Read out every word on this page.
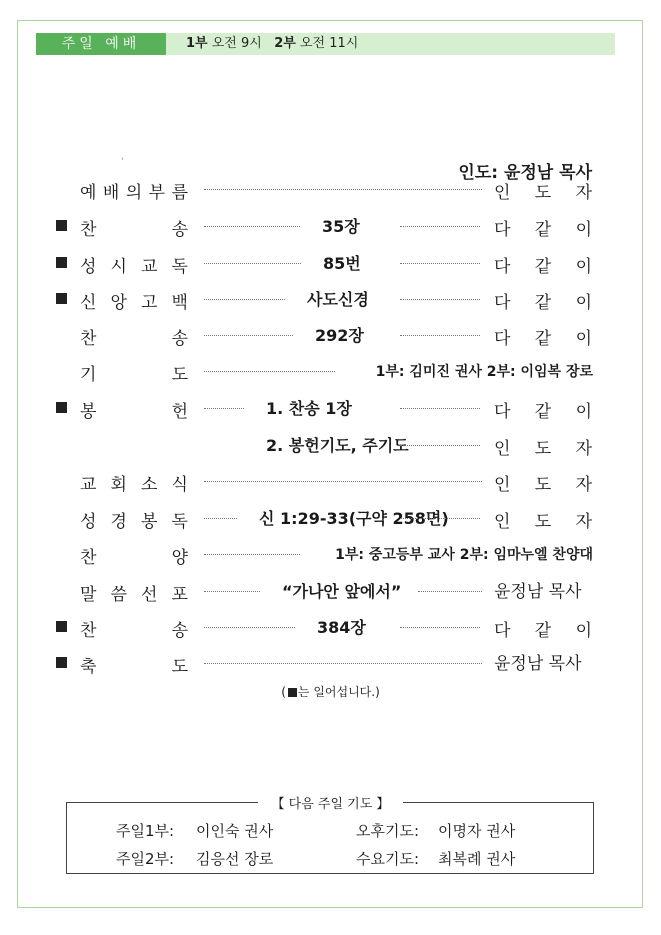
주일 예배	1부 오전 9시 2부 오전 11시
‘
인도: 윤정남 목사
예 배 의 부 름	인 도 자
찬	송	35장	다 같 이
성 시 교 독	85번	다 같 이
신 앙 고 백	사도신경	다 같 이
찬	송	292장	다 같 이
기	도	1부: 김미진 권사 2부: 이임복 장로
봉	헌	1. 찬송 1장	다 같 이
2. 봉헌기도, 주기도	인 도 자
교 회 소 식	인 도 자
성 경 봉 독	신 1:29-33(구약 258면)	인 도 자
찬	양	1부: 중고등부 교사 2부: 임마누엘 찬양대
말 씀 선 포	“가나안 앞에서”	윤정남 목사
찬	송	384장	다 같 이
축	도	윤정남 목사
( 는 일어섭니다.)
【 다음 주일 기도 】
주일1부: 이인숙 권사	오후기도: 이명자 권사
주일2부: 김응선 장로	수요기도: 최복례 권사
